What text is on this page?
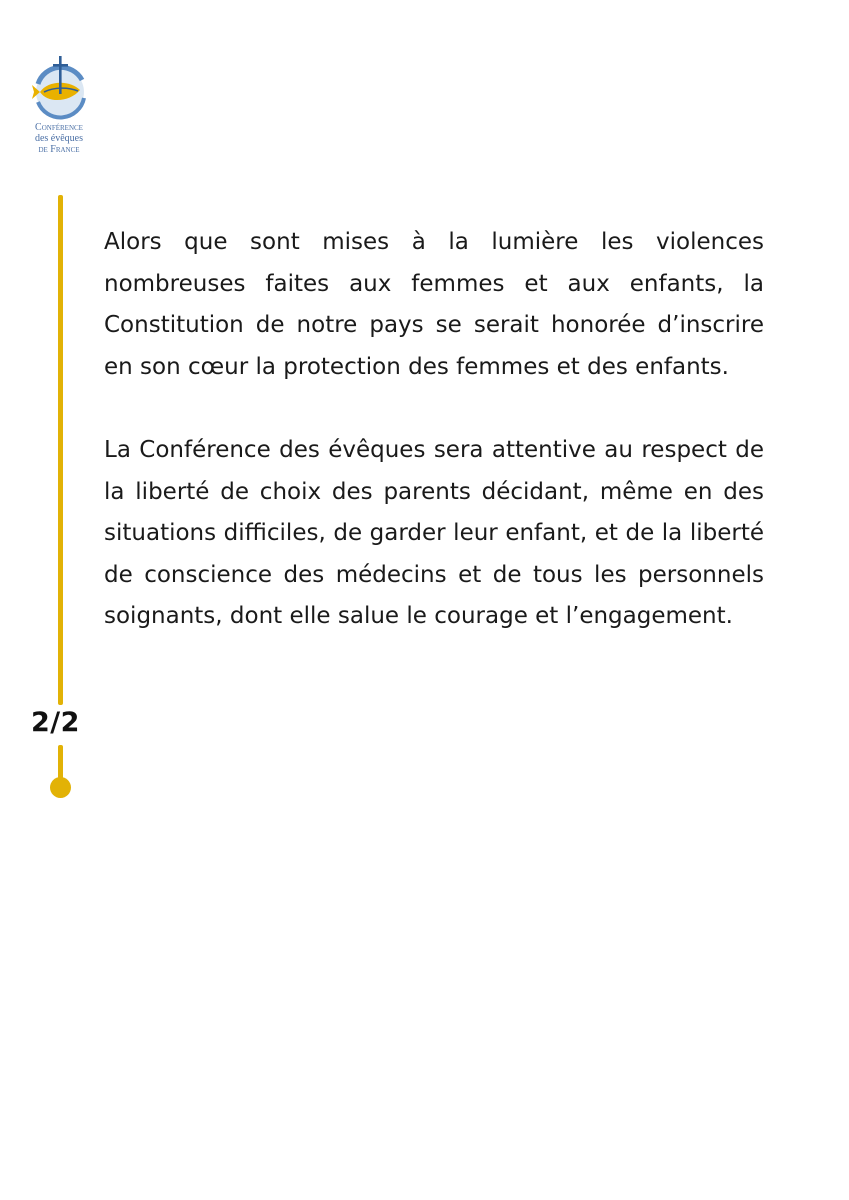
Conférence
des évêques
de France
2/2

Alors que sont mises à la lumière les violences nombreuses faites aux femmes et aux enfants, la Constitution de notre pays se serait honorée d’inscrire en son cœur la protection des femmes et des enfants.

La Conférence des évêques sera attentive au respect de la liberté de choix des parents décidant, même en des situations difficiles, de garder leur enfant, et de la liberté de conscience des médecins et de tous les personnels soignants, dont elle salue le courage et l’engagement.
